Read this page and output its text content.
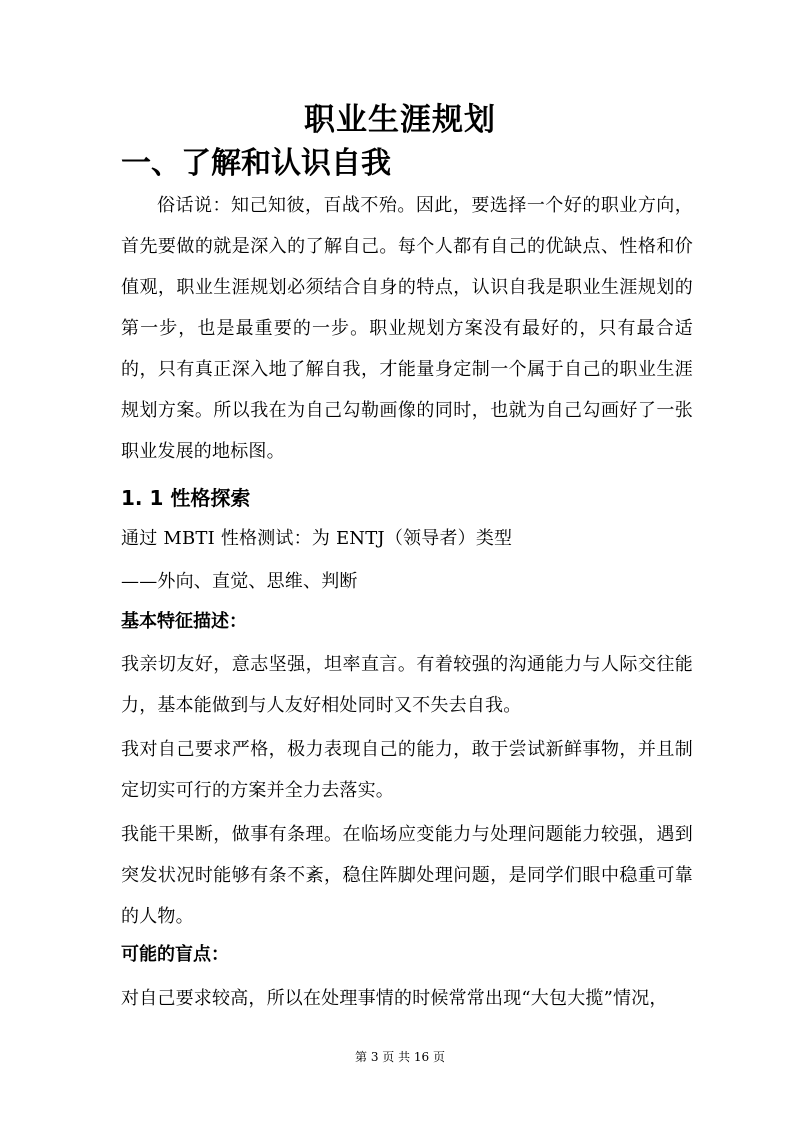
职业生涯规划
一、了解和认识自我

俗话说：知己知彼，百战不殆。因此，要选择一个好的职业方向，首先要做的就是深入的了解自己。每个人都有自己的优缺点、性格和价值观，职业生涯规划必须结合自身的特点，认识自我是职业生涯规划的第一步，也是最重要的一步。职业规划方案没有最好的，只有最合适的，只有真正深入地了解自我，才能量身定制一个属于自己的职业生涯规划方案。所以我在为自己勾勒画像的同时，也就为自己勾画好了一张职业发展的地标图。

1. 1 性格探索

通过 MBTI 性格测试：为 ENTJ（领导者）类型

——外向、直觉、思维、判断

基本特征描述：

我亲切友好，意志坚强，坦率直言。有着较强的沟通能力与人际交往能力，基本能做到与人友好相处同时又不失去自我。

我对自己要求严格，极力表现自己的能力，敢于尝试新鲜事物，并且制定切实可行的方案并全力去落实。

我能干果断，做事有条理。在临场应变能力与处理问题能力较强，遇到突发状况时能够有条不紊，稳住阵脚处理问题，是同学们眼中稳重可靠的人物。

可能的盲点：

对自己要求较高，所以在处理事情的时候常常出现“大包大揽”情况，

第 3 页 共 16 页
